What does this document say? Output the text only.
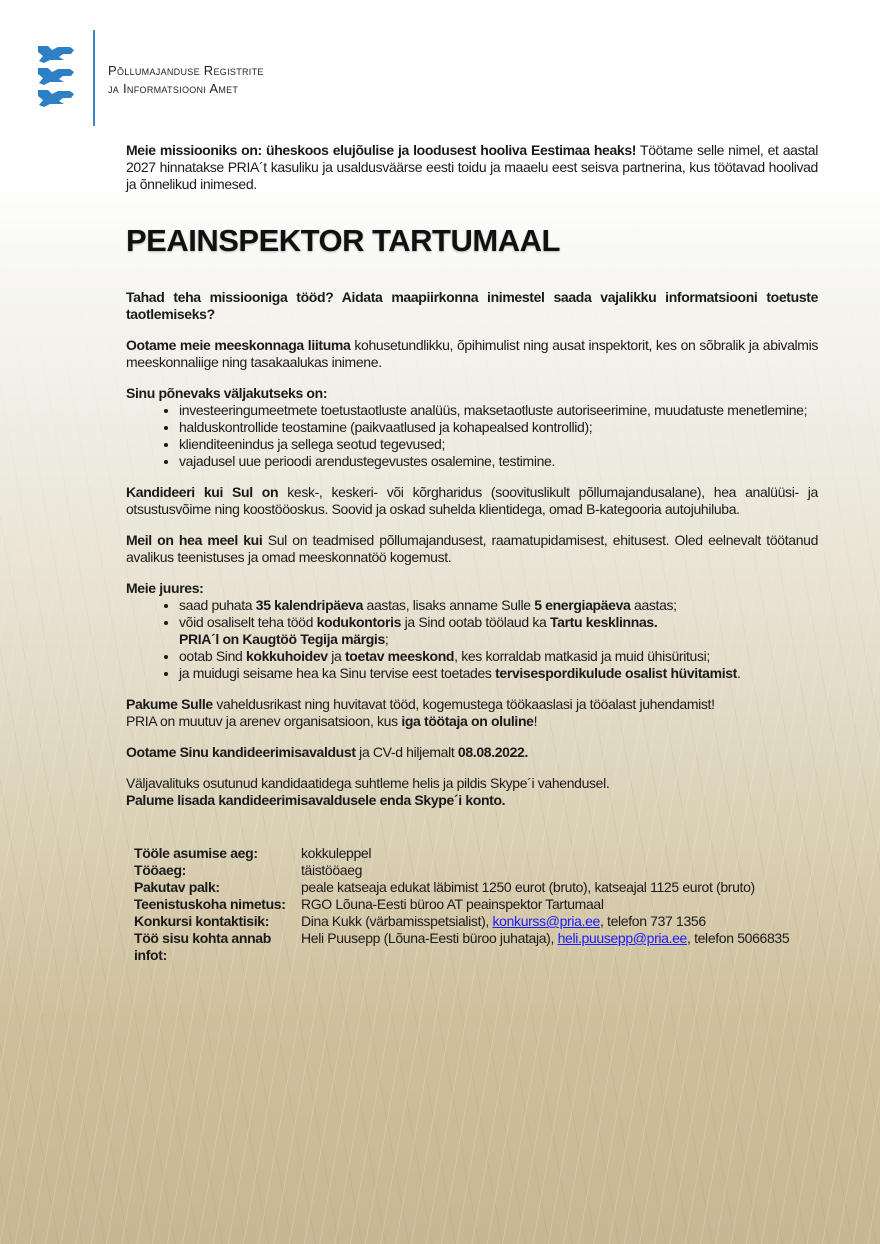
Põllumajanduse Registrite
ja Informatsiooni Amet

Meie missiooniks on: üheskoos elujõulise ja loodusest hooliva Eestimaa heaks! Töötame selle nimel, et aastal 2027 hinnatakse PRIA´t kasuliku ja usaldusväärse eesti toidu ja maaelu eest seisva partnerina, kus töötavad hoolivad ja õnnelikud inimesed.

PEAINSPEKTOR TARTUMAAL

Tahad teha missiooniga tööd? Aidata maapiirkonna inimestel saada vajalikku informatsiooni toetuste taotlemiseks?

Ootame meie meeskonnaga liituma kohusetundlikku, õpihimulist ning ausat inspektorit, kes on sõbralik ja abivalmis meeskonnaliige ning tasakaalukas inimene.

Sinu põnevaks väljakutseks on:
• investeeringumeetmete toetustaotluste analüüs, maksetaotluste autoriseerimine, muudatuste menetlemine;
• halduskontrollide teostamine (paikvaatlused ja kohapealsed kontrollid);
• klienditeenindus ja sellega seotud tegevused;
• vajadusel uue perioodi arendustegevustes osalemine, testimine.

Kandideeri kui Sul on kesk-, keskeri- või kõrgharidus (soovituslikult põllumajandusalane), hea analüüsi- ja otsustusvõime ning koostööoskus. Soovid ja oskad suhelda klientidega, omad B-kategooria autojuhiluba.

Meil on hea meel kui Sul on teadmised põllumajandusest, raamatupidamisest, ehitusest. Oled eelnevalt töötanud avalikus teenistuses ja omad meeskonnatöö kogemust.

Meie juures:
• saad puhata 35 kalendripäeva aastas, lisaks anname Sulle 5 energiapäeva aastas;
• võid osaliselt teha tööd kodukontoris ja Sind ootab töölaud ka Tartu kesklinnas.
PRIA´l on Kaugtöö Tegija märgis;
• ootab Sind kokkuhoidev ja toetav meeskond, kes korraldab matkasid ja muid ühisüritusi;
• ja muidugi seisame hea ka Sinu tervise eest toetades tervisespordikulude osalist hüvitamist.

Pakume Sulle vaheldusrikast ning huvitavat tööd, kogemustega töökaaslasi ja tööalast juhendamist!
PRIA on muutuv ja arenev organisatsioon, kus iga töötaja on oluline!

Ootame Sinu kandideerimisavaldust ja CV-d hiljemalt 08.08.2022.

Väljavalituks osutunud kandidaatidega suhtleme helis ja pildis Skype´i vahendusel.
Palume lisada kandideerimisavaldusele enda Skype´i konto.

Tööle asumise aeg:	kokkuleppel
Tööaeg:	täistööaeg
Pakutav palk:	peale katseaja edukat läbimist 1250 eurot (bruto), katseajal 1125 eurot (bruto)
Teenistuskoha nimetus:	RGO Lõuna-Eesti büroo AT peainspektor Tartumaal
Konkursi kontaktisik:	Dina Kukk (värbamisspetsialist), konkurss@pria.ee, telefon 737 1356
Töö sisu kohta annab infot:	Heli Puusepp (Lõuna-Eesti büroo juhataja), heli.puusepp@pria.ee, telefon 5066835
